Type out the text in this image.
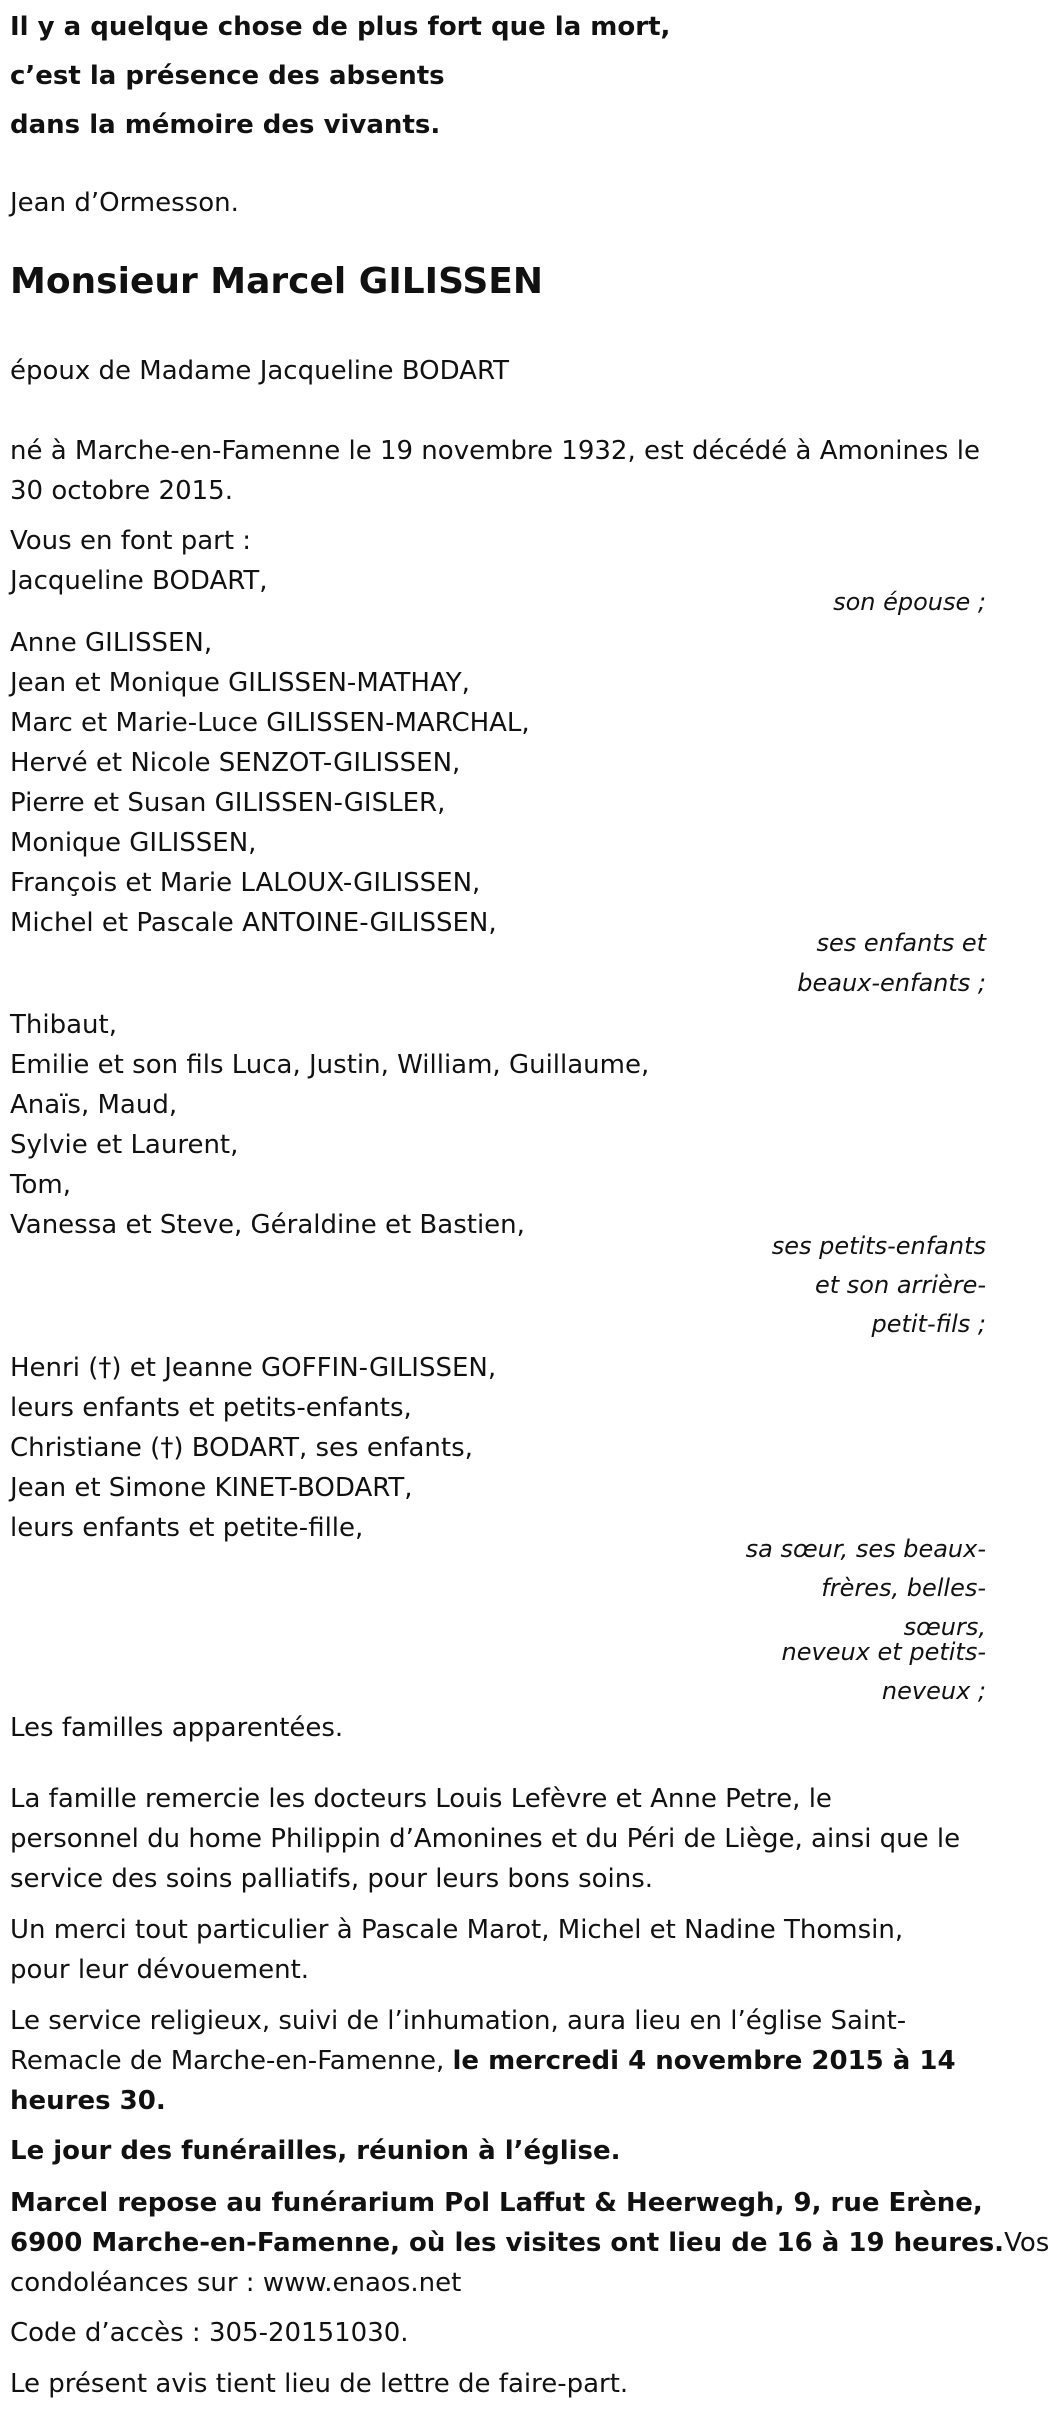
Il y a quelque chose de plus fort que la mort,
c’est la présence des absents
dans la mémoire des vivants.
Jean d’Ormesson.
Monsieur Marcel GILISSEN
époux de Madame Jacqueline BODART
né à Marche-en-Famenne le 19 novembre 1932, est décédé à Amonines le
30 octobre 2015.
Vous en font part :
Jacqueline BODART,
son épouse ;
Anne GILISSEN,
Jean et Monique GILISSEN-MATHAY,
Marc et Marie-Luce GILISSEN-MARCHAL,
Hervé et Nicole SENZOT-GILISSEN,
Pierre et Susan GILISSEN-GISLER,
Monique GILISSEN,
François et Marie LALOUX-GILISSEN,
Michel et Pascale ANTOINE-GILISSEN,
ses enfants et
beaux-enfants ;
Thibaut,
Emilie et son fils Luca, Justin, William, Guillaume,
Anaïs, Maud,
Sylvie et Laurent,
Tom,
Vanessa et Steve, Géraldine et Bastien,
ses petits-enfants
et son arrière-
petit-fils ;
Henri (†) et Jeanne GOFFIN-GILISSEN,
leurs enfants et petits-enfants,
Christiane (†) BODART, ses enfants,
Jean et Simone KINET-BODART,
leurs enfants et petite-fille,
sa sœur, ses beaux-
frères, belles-
sœurs,
neveux et petits-
neveux ;
Les familles apparentées.
La famille remercie les docteurs Louis Lefèvre et Anne Petre, le
personnel du home Philippin d’Amonines et du Péri de Liège, ainsi que le
service des soins palliatifs, pour leurs bons soins.
Un merci tout particulier à Pascale Marot, Michel et Nadine Thomsin,
pour leur dévouement.
Le service religieux, suivi de l’inhumation, aura lieu en l’église Saint-
Remacle de Marche-en-Famenne, le mercredi 4 novembre 2015 à 14
heures 30.
Le jour des funérailles, réunion à l’église.
Marcel repose au funérarium Pol Laffut & Heerwegh, 9, rue Erène,
6900 Marche-en-Famenne, où les visites ont lieu de 16 à 19 heures.Vos
condoléances sur : www.enaos.net
Code d’accès : 305-20151030.
Le présent avis tient lieu de lettre de faire-part.
